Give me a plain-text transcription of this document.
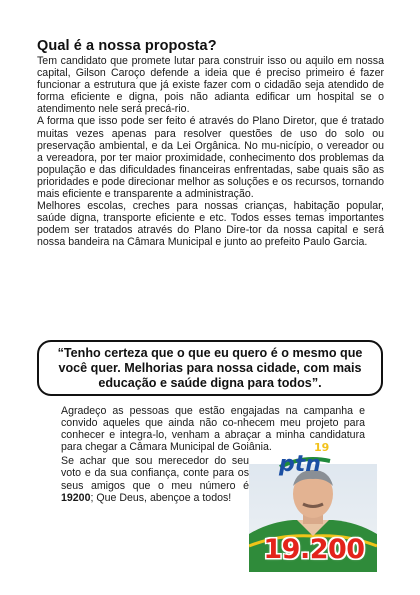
Qual é a nossa proposta?

Tem candidato que promete lutar para construir isso ou aquilo em nossa capital, Gilson Caroço defende a ideia que é preciso primeiro é fazer funcionar a estrutura que já existe fazer com o cidadão seja atendido de forma eficiente e digna, pois não adianta edificar um hospital se o atendimento nele será precá-rio.

A forma que isso pode ser feito é através do Plano Diretor, que é tratado muitas vezes apenas para resolver questões de uso do solo ou preservação ambiental, e da Lei Orgânica. No mu-nicípio, o vereador ou a vereadora, por ter maior proximidade, conhecimento dos problemas da população e das dificuldades financeiras enfrentadas, sabe quais são as prioridades e pode direcionar melhor as soluções e os recursos, tornando mais eficiente e transparente a administração.

Melhores escolas, creches para nossas crianças, habitação popular, saúde digna, transporte eficiente e etc. Todos esses temas importantes podem ser tratados através do Plano Dire-tor da nossa capital e será nossa bandeira na Câmara Municipal e junto ao prefeito Paulo Garcia.

“Tenho certeza que o que eu quero é o mesmo que você quer. Melhorias para nossa cidade, com mais educação e saúde digna para todos”.

Agradeço as pessoas que estão engajadas na campanha e convido aqueles que ainda não co-nhecem meu projeto para conhecer e integra-lo, venham a abraçar a minha candidatura para chegar a Câmara Municipal de Goiânia.

Se achar que sou merecedor do seu voto e da sua confiança, conte para os seus amigos que o meu número é 19200; Que Deus, abençoe a todos!

ptn
19
19.200
